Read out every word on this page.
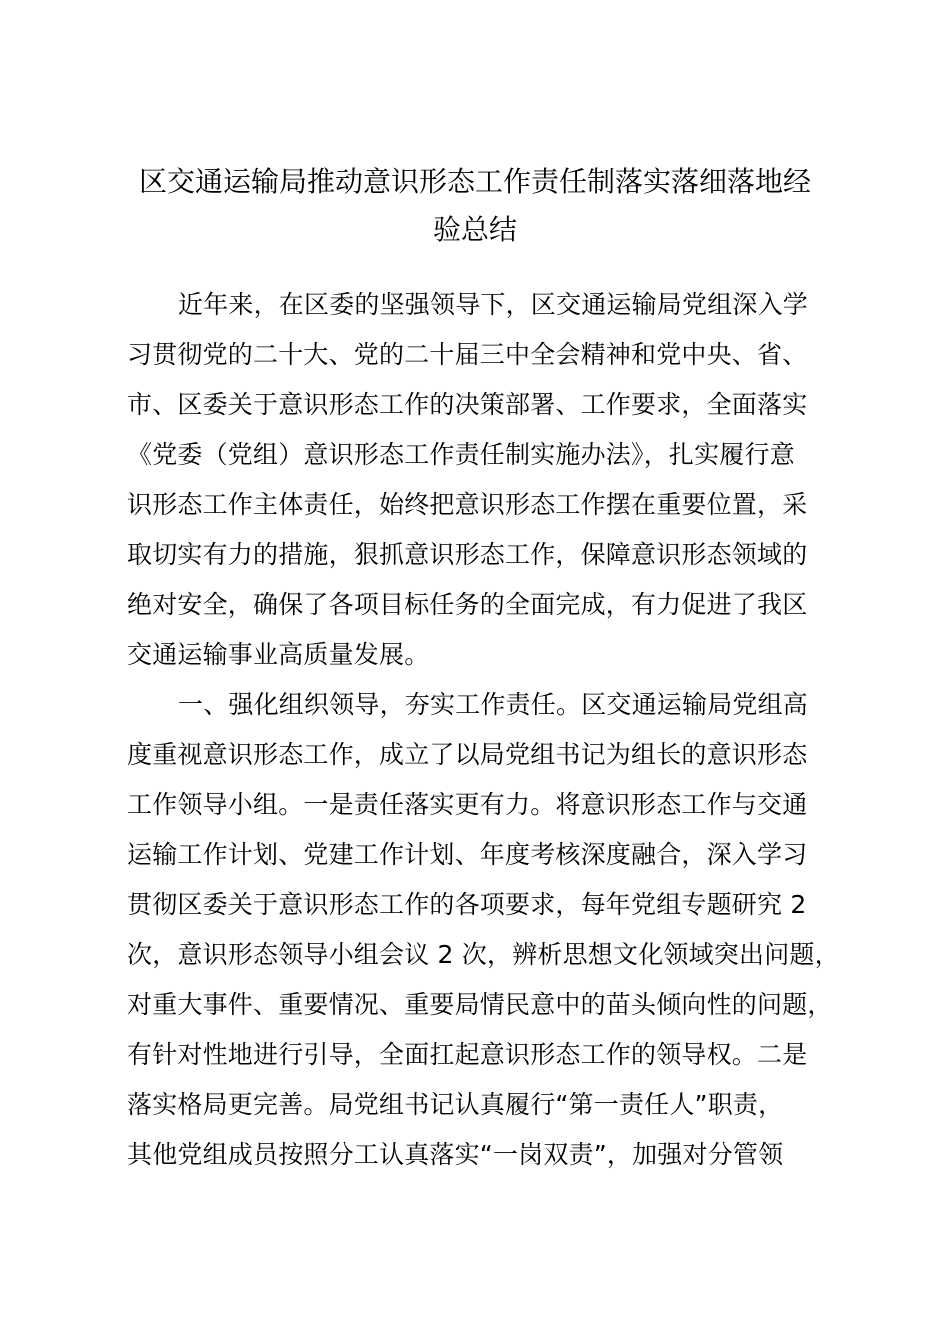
区交通运输局推动意识形态工作责任制落实落细落地经
验总结
近年来，在区委的坚强领导下，区交通运输局党组深入学
习贯彻党的二十大、党的二十届三中全会精神和党中央、省、
市、区委关于意识形态工作的决策部署、工作要求，全面落实
《党委（党组）意识形态工作责任制实施办法》，扎实履行意
识形态工作主体责任，始终把意识形态工作摆在重要位置，采
取切实有力的措施，狠抓意识形态工作，保障意识形态领域的
绝对安全，确保了各项目标任务的全面完成，有力促进了我区
交通运输事业高质量发展。
一、强化组织领导，夯实工作责任。区交通运输局党组高
度重视意识形态工作，成立了以局党组书记为组长的意识形态
工作领导小组。一是责任落实更有力。将意识形态工作与交通
运输工作计划、党建工作计划、年度考核深度融合，深入学习
贯彻区委关于意识形态工作的各项要求，每年党组专题研究 2
次，意识形态领导小组会议 2 次，辨析思想文化领域突出问题，
对重大事件、重要情况、重要局情民意中的苗头倾向性的问题，
有针对性地进行引导，全面扛起意识形态工作的领导权。二是
落实格局更完善。局党组书记认真履行“第一责任人”职责，
其他党组成员按照分工认真落实“一岗双责”，加强对分管领
